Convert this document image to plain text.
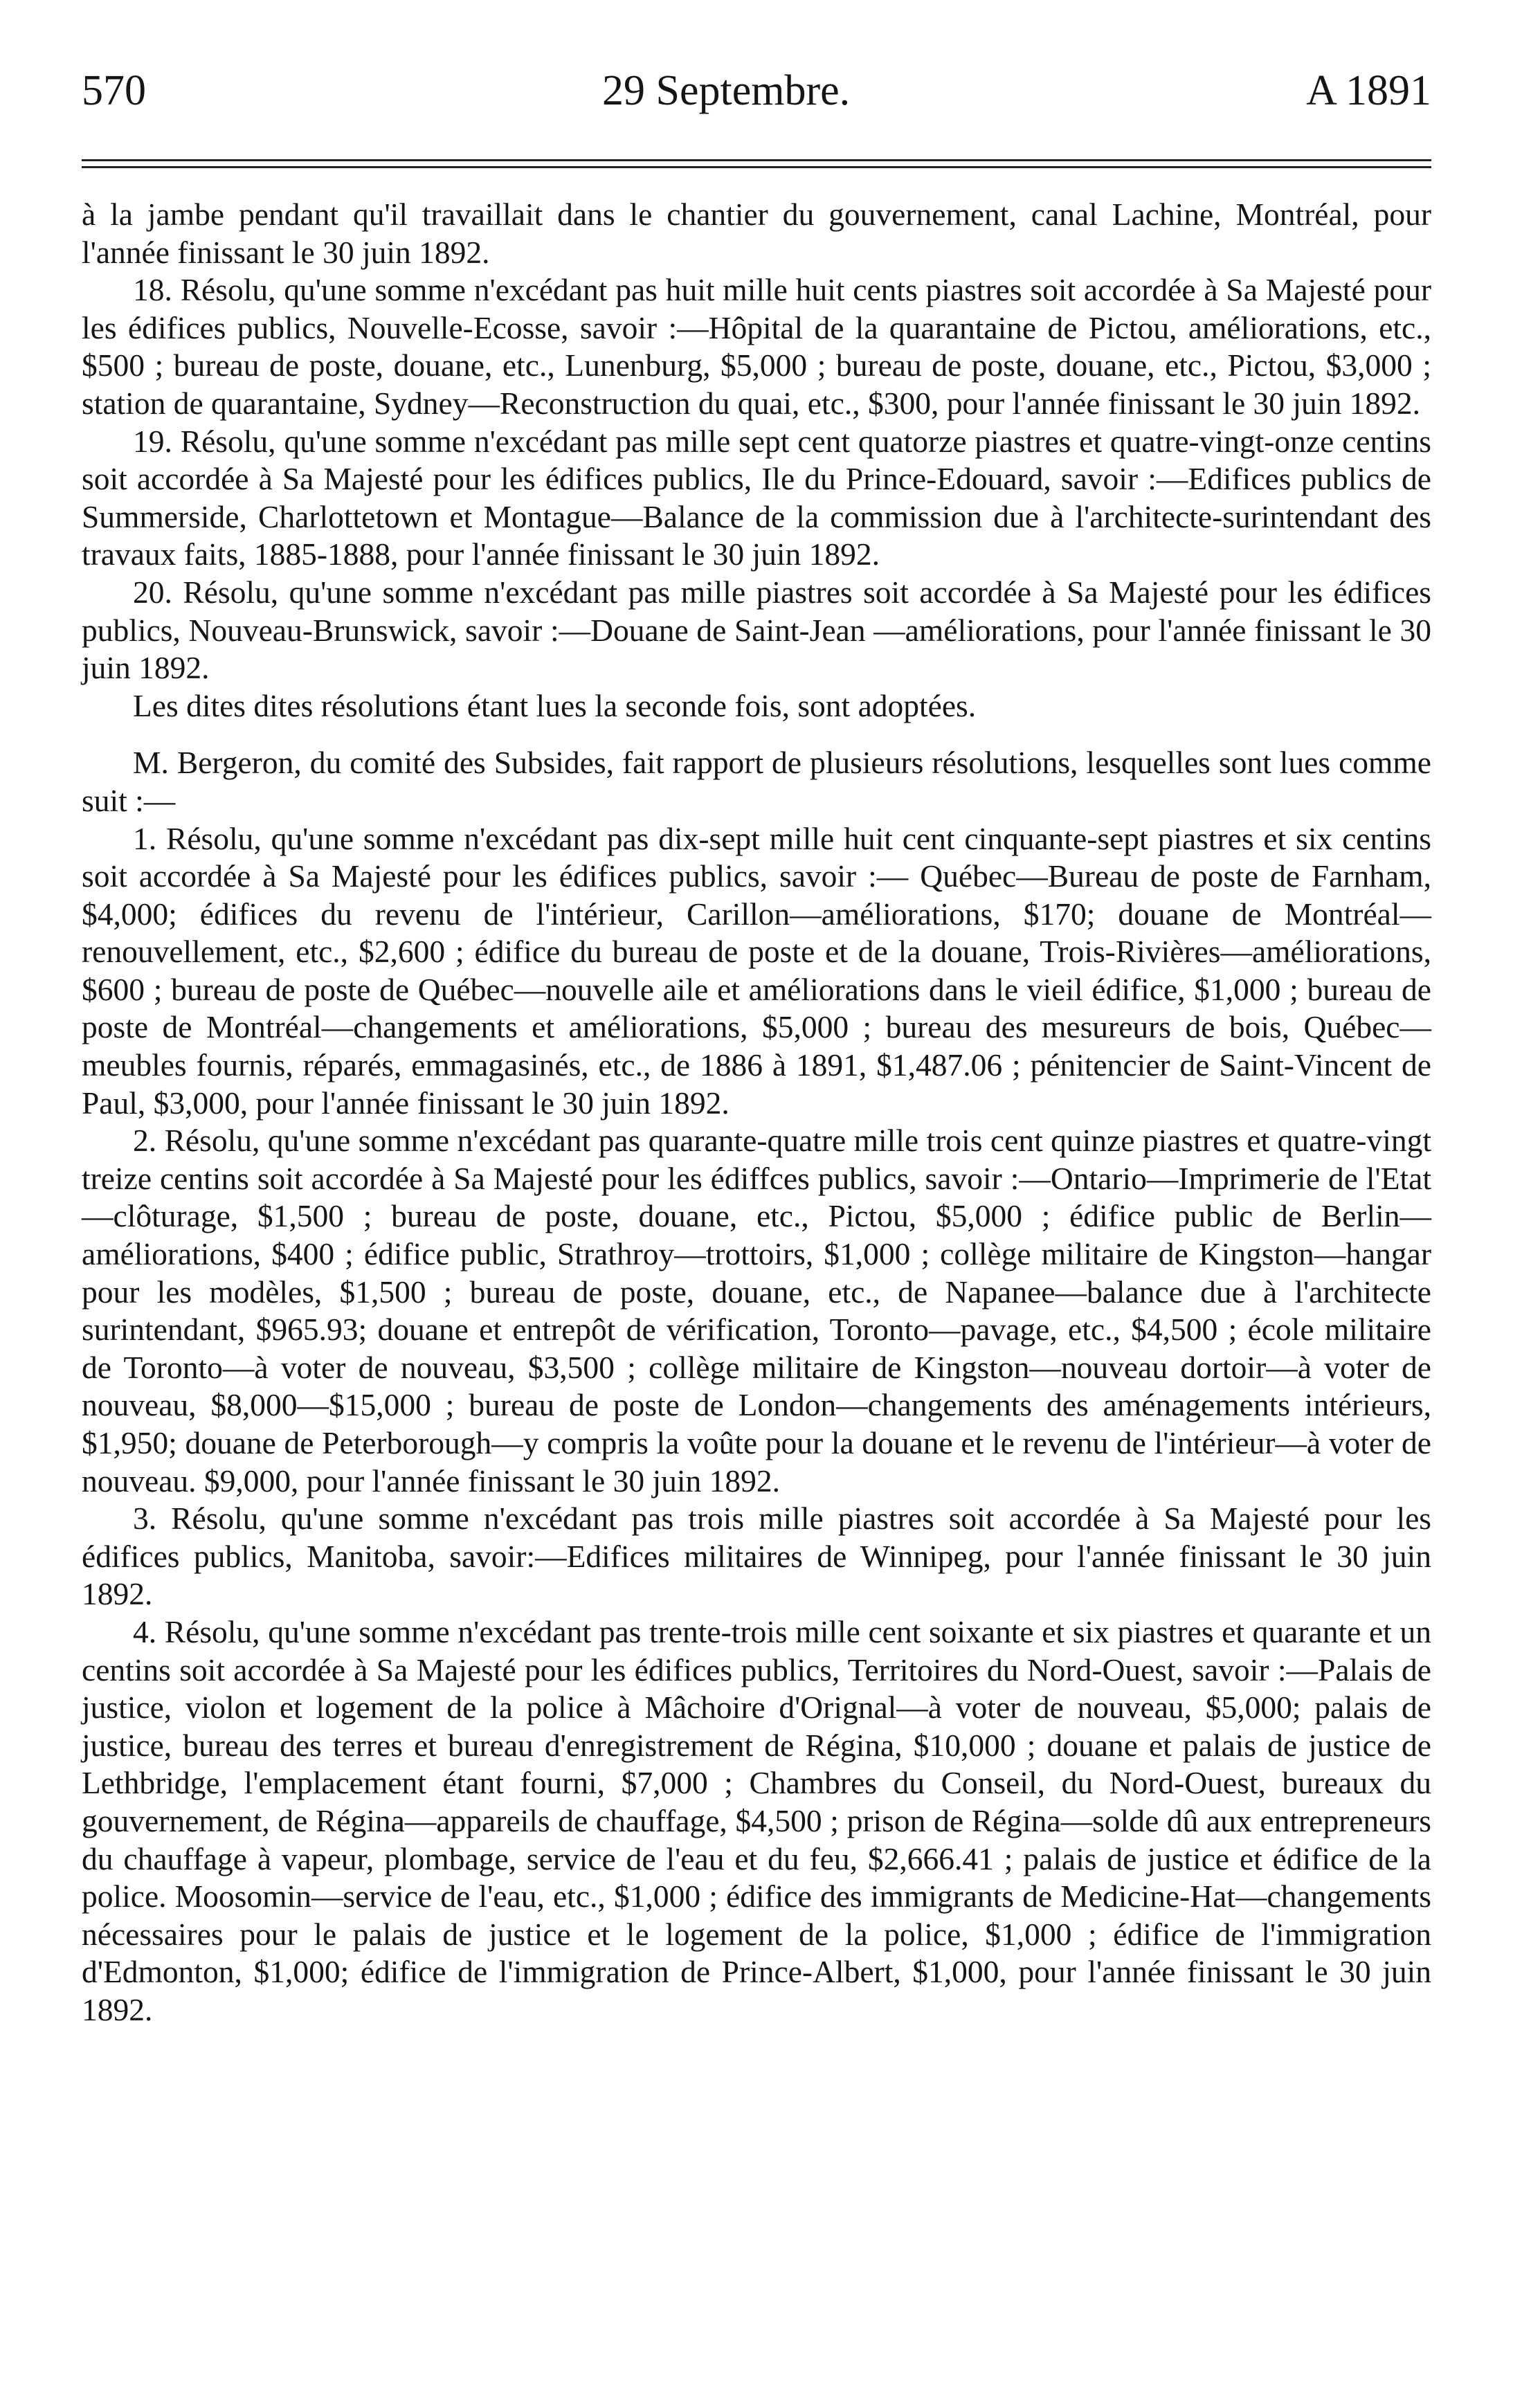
570	29 Septembre.	A 1891

à la jambe pendant qu'il travaillait dans le chantier du gouvernement, canal Lachine, Montréal, pour l'année finissant le 30 juin 1892.

18. Résolu, qu'une somme n'excédant pas huit mille huit cents piastres soit accordée à Sa Majesté pour les édifices publics, Nouvelle-Ecosse, savoir :—Hôpital de la quarantaine de Pictou, améliorations, etc., $500 ; bureau de poste, douane, etc., Lunenburg, $5,000 ; bureau de poste, douane, etc., Pictou, $3,000 ; station de quarantaine, Sydney—Reconstruction du quai, etc., $300, pour l'année finissant le 30 juin 1892.

19. Résolu, qu'une somme n'excédant pas mille sept cent quatorze piastres et quatre-vingt-onze centins soit accordée à Sa Majesté pour les édifices publics, Ile du Prince-Edouard, savoir :—Edifices publics de Summerside, Charlottetown et Montague—Balance de la commission due à l'architecte-surintendant des travaux faits, 1885-1888, pour l'année finissant le 30 juin 1892.

20. Résolu, qu'une somme n'excédant pas mille piastres soit accordée à Sa Majesté pour les édifices publics, Nouveau-Brunswick, savoir :—Douane de Saint-Jean —améliorations, pour l'année finissant le 30 juin 1892.

Les dites dites résolutions étant lues la seconde fois, sont adoptées.

M. Bergeron, du comité des Subsides, fait rapport de plusieurs résolutions, lesquelles sont lues comme suit :—

1. Résolu, qu'une somme n'excédant pas dix-sept mille huit cent cinquante-sept piastres et six centins soit accordée à Sa Majesté pour les édifices publics, savoir :— Québec—Bureau de poste de Farnham, $4,000; édifices du revenu de l'intérieur, Carillon—améliorations, $170; douane de Montréal—renouvellement, etc., $2,600 ; édifice du bureau de poste et de la douane, Trois-Rivières—améliorations, $600 ; bureau de poste de Québec—nouvelle aile et améliorations dans le vieil édifice, $1,000 ; bureau de poste de Montréal—changements et améliorations, $5,000 ; bureau des mesureurs de bois, Québec—meubles fournis, réparés, emmagasinés, etc., de 1886 à 1891, $1,487.06 ; pénitencier de Saint-Vincent de Paul, $3,000, pour l'année finissant le 30 juin 1892.

2. Résolu, qu'une somme n'excédant pas quarante-quatre mille trois cent quinze piastres et quatre-vingt treize centins soit accordée à Sa Majesté pour les édiffces publics, savoir :—Ontario—Imprimerie de l'Etat—clôturage, $1,500 ; bureau de poste, douane, etc., Pictou, $5,000 ; édifice public de Berlin—améliorations, $400 ; édifice public, Strathroy—trottoirs, $1,000 ; collège militaire de Kingston—hangar pour les modèles, $1,500 ; bureau de poste, douane, etc., de Napanee—balance due à l'architecte surintendant, $965.93; douane et entrepôt de vérification, Toronto—pavage, etc., $4,500 ; école militaire de Toronto—à voter de nouveau, $3,500 ; collège militaire de Kingston—nouveau dortoir—à voter de nouveau, $8,000—$15,000 ; bureau de poste de London—changements des aménagements intérieurs, $1,950; douane de Peterborough—y compris la voûte pour la douane et le revenu de l'intérieur—à voter de nouveau. $9,000, pour l'année finissant le 30 juin 1892.

3. Résolu, qu'une somme n'excédant pas trois mille piastres soit accordée à Sa Majesté pour les édifices publics, Manitoba, savoir:—Edifices militaires de Winnipeg, pour l'année finissant le 30 juin 1892.

4. Résolu, qu'une somme n'excédant pas trente-trois mille cent soixante et six piastres et quarante et un centins soit accordée à Sa Majesté pour les édifices publics, Territoires du Nord-Ouest, savoir :—Palais de justice, violon et logement de la police à Mâchoire d'Orignal—à voter de nouveau, $5,000; palais de justice, bureau des terres et bureau d'enregistrement de Régina, $10,000 ; douane et palais de justice de Lethbridge, l'emplacement étant fourni, $7,000 ; Chambres du Conseil, du Nord-Ouest, bureaux du gouvernement, de Régina—appareils de chauffage, $4,500 ; prison de Régina—solde dû aux entrepreneurs du chauffage à vapeur, plombage, service de l'eau et du feu, $2,666.41 ; palais de justice et édifice de la police. Moosomin—service de l'eau, etc., $1,000 ; édifice des immigrants de Medicine-Hat—changements nécessaires pour le palais de justice et le logement de la police, $1,000 ; édifice de l'immigration d'Edmonton, $1,000; édifice de l'immigration de Prince-Albert, $1,000, pour l'année finissant le 30 juin 1892.
